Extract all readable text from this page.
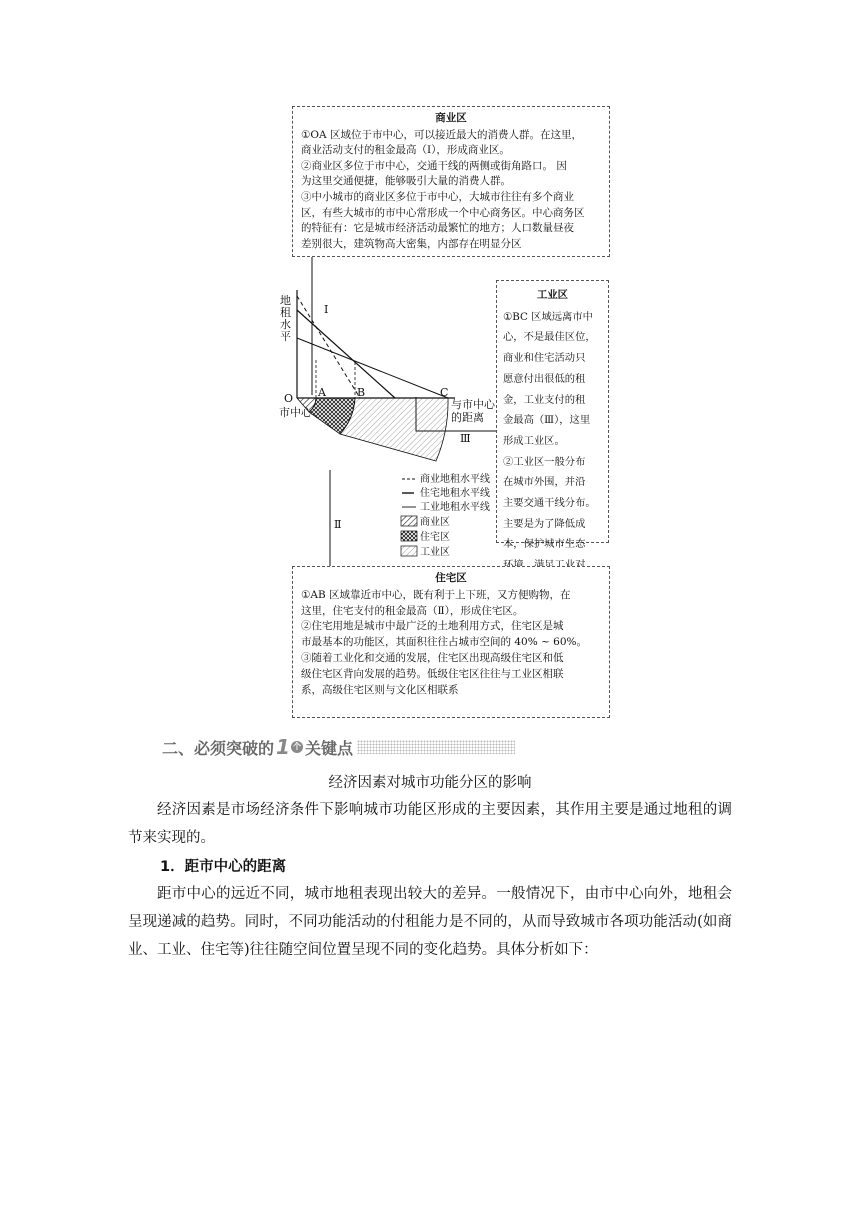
商业区
①OA 区域位于市中心，可以接近最大的消费人群。在这里，
商业活动支付的租金最高（Ⅰ），形成商业区。
②商业区多位于市中心，交通干线的两侧或街角路口。 因
为这里交通便捷，能够吸引大量的消费人群。
③中小城市的商业区多位于市中心，大城市往往有多个商业
区，有些大城市的市中心常形成一个中心商务区。中心商务区
的特征有：它是城市经济活动最繁忙的地方；人口数量昼夜
差别很大，建筑物高大密集，内部存在明显分区
工业区
①BC 区域远离市中
心，不是最佳区位，
商业和住宅活动只
愿意付出很低的租
金，工业支付的租
金最高（Ⅲ），这里
形成工业区。
②工业区一般分布
在城市外围，并沿
主要交通干线分布。
主要是为了降低成
本，保护城市生态
住宅区
①AB 区域靠近市中心，既有利于上下班，又方便购物，在
这里，住宅支付的租金最高（Ⅱ），形成住宅区。
②住宅用地是城市中最广泛的土地利用方式，住宅区是城
市最基本的功能区，其面积往往占城市空间的 40% ~ 60%。
③随着工业化和交通的发展，住宅区出现高级住宅区和低
级住宅区背向发展的趋势。低级住宅区往往与工业区相联
系，高级住宅区则与文化区相联系
地租水平
O
市中心
A	B	C
与市中心
的距离
Ⅰ
Ⅱ
Ⅲ
商业地租水平线
住宅地租水平线
工业地租水平线
商业区
住宅区
工业区
二、必须突破的 1 个 关键点
经济因素对城市功能分区的影响
经济因素是市场经济条件下影响城市功能区形成的主要因素，其作用主要是通过地租的调节来实现的。
1．距市中心的距离
距市中心的远近不同，城市地租表现出较大的差异。一般情况下，由市中心向外，地租会呈现递减的趋势。同时，不同功能活动的付租能力是不同的，从而导致城市各项功能活动(如商业、工业、住宅等)往往随空间位置呈现不同的变化趋势。具体分析如下：
